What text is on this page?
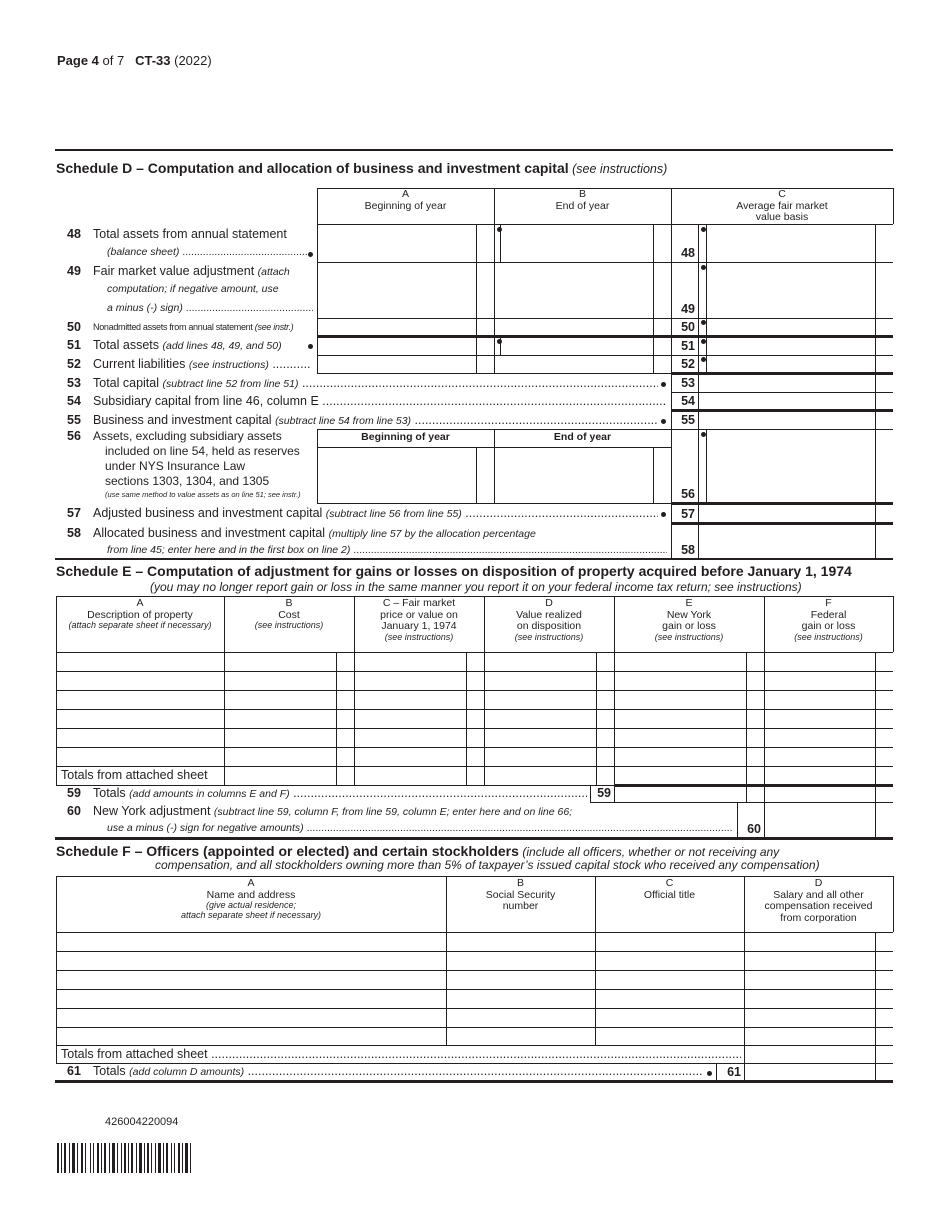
Page 4 of 7 CT-33 (2022)
Schedule D – Computation and allocation of business and investment capital (see instructions)
A
Beginning of year
B
End of year
C
Average fair market
value basis
48 Total assets from annual statement
(balance sheet) .....
49 Fair market value adjustment (attach
computation; if negative amount, use
a minus (-) sign) .....
50 Nonadmitted assets from annual statement (see instr.)
51 Total assets (add lines 48, 49, and 50)
52 Current liabilities (see instructions) .....
53 Total capital (subtract line 52 from line 51) .....
54 Subsidiary capital from line 46, column E .....
55 Business and investment capital (subtract line 54 from line 53) .....
56 Assets, excluding subsidiary assets
included on line 54, held as reserves
under NYS Insurance Law
sections 1303, 1304, and 1305
(use same method to value assets as on line 51; see instr.)
Beginning of year	End of year
57 Adjusted business and investment capital (subtract line 56 from line 55) .....
58 Allocated business and investment capital (multiply line 57 by the allocation percentage
from line 45; enter here and in the first box on line 2) .....
Schedule E – Computation of adjustment for gains or losses on disposition of property acquired before January 1, 1974
(you may no longer report gain or loss in the same manner you report it on your federal income tax return; see instructions)
A
Description of property
(attach separate sheet if necessary)
B
Cost
(see instructions)
C – Fair market
price or value on
January 1, 1974
(see instructions)
D
Value realized
on disposition
(see instructions)
E
New York
gain or loss
(see instructions)
F
Federal
gain or loss
(see instructions)
Totals from attached sheet
59 Totals (add amounts in columns E and F) .....
60 New York adjustment (subtract line 59, column F, from line 59, column E; enter here and on line 66;
use a minus (-) sign for negative amounts) .....
Schedule F – Officers (appointed or elected) and certain stockholders (include all officers, whether or not receiving any
compensation, and all stockholders owning more than 5% of taxpayer’s issued capital stock who received any compensation)
A
Name and address
(give actual residence;
attach separate sheet if necessary)
B
Social Security
number
C
Official title
D
Salary and all other
compensation received
from corporation
Totals from attached sheet .....
61 Totals (add column D amounts) .....
426004220094
48
49
50
51
52
53
54
55
56
57
58
59
60
61
